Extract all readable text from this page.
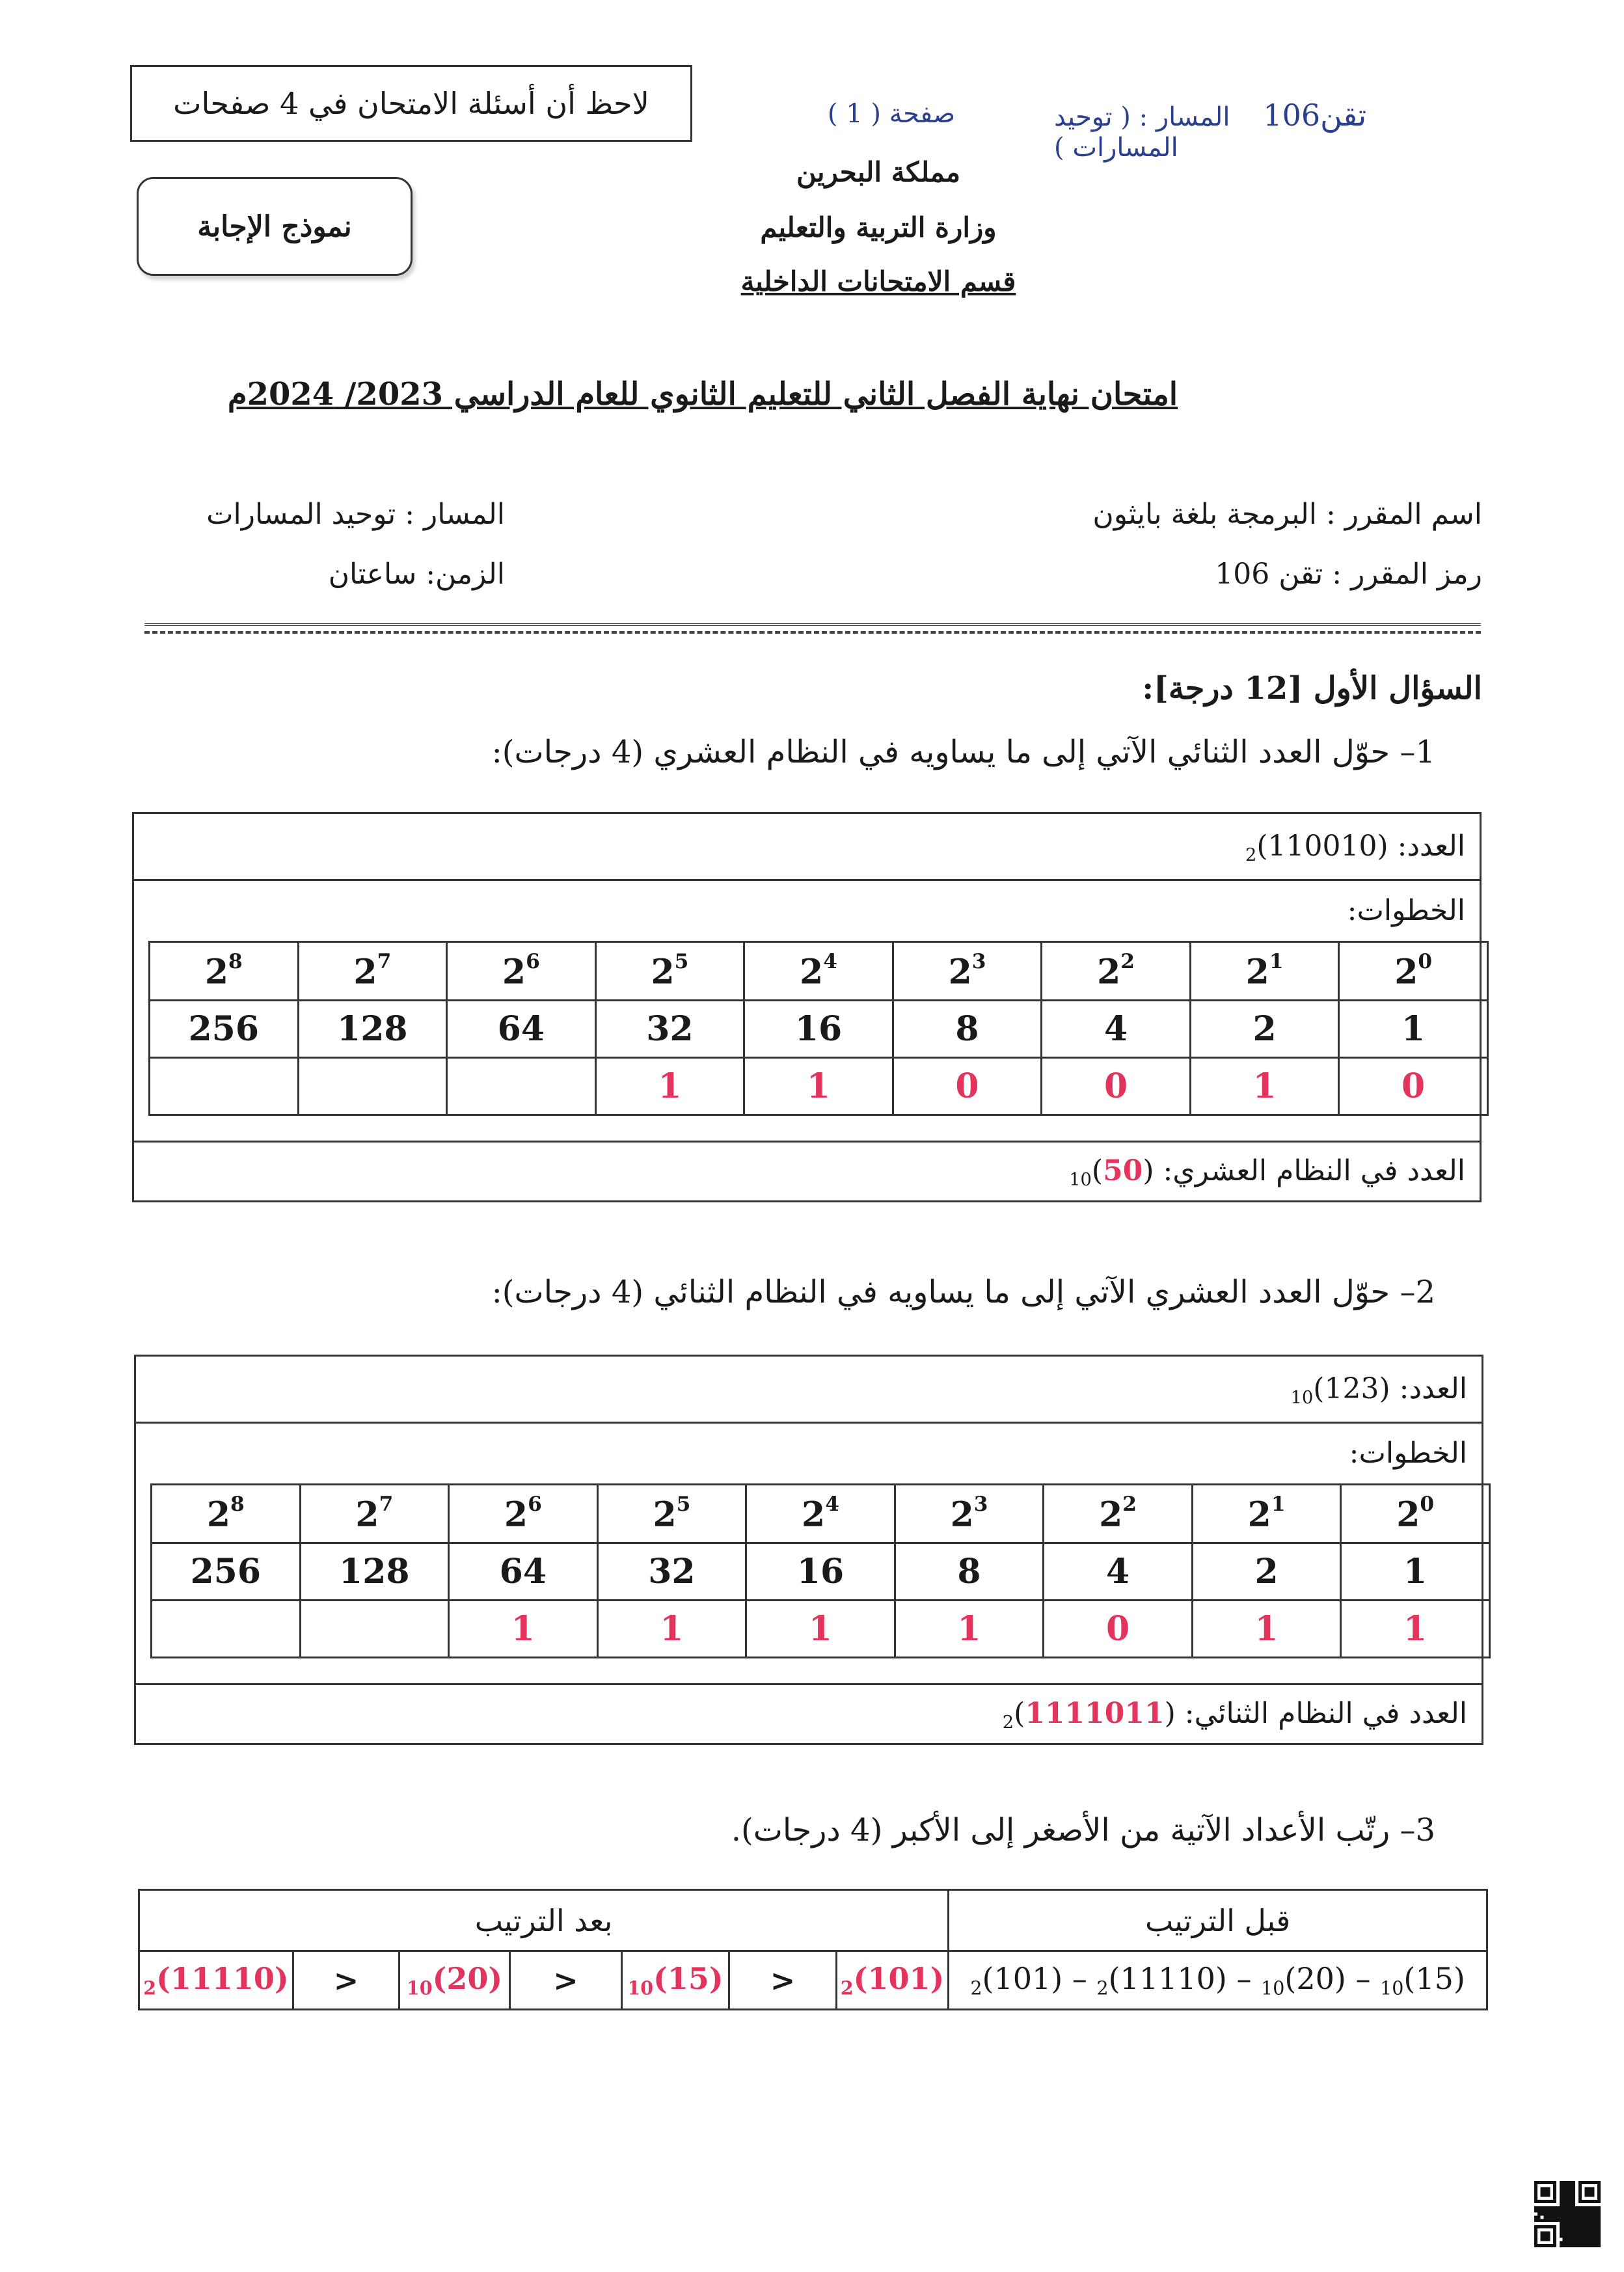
لاحظ أن أسئلة الامتحان في 4 صفحات	تقن106    المسار : ( توحيد المسارات )
صفحة ( 1 )
نموذج الإجابة
مملكة البحرين
وزارة التربية والتعليم
قسم الامتحانات الداخلية
امتحان نهاية الفصل الثاني للتعليم الثانوي للعام الدراسي 2023/ 2024م
اسم المقرر : البرمجة بلغة بايثون
رمز المقرر : تقن 106
المسار : توحيد المسارات
الزمن: ساعتان
السؤال الأول [12 درجة]:
1– حوّل العدد الثنائي الآتي إلى ما يساويه في النظام العشري (4 درجات):
العدد: $_2$(110010)
الخطوات:
$2^8$	$2^7$	$2^6$	$2^5$	$2^4$	$2^3$	$2^2$	$2^1$	$2^0$
256	128	64	32	16	8	4	2	1
			1	1	0	0	1	0
العدد في النظام العشري: $_{10}$(50)
2– حوّل العدد العشري الآتي إلى ما يساويه في النظام الثنائي (4 درجات):
العدد: $_{10}$(123)
الخطوات:
$2^8$	$2^7$	$2^6$	$2^5$	$2^4$	$2^3$	$2^2$	$2^1$	$2^0$
256	128	64	32	16	8	4	2	1
		1	1	1	1	0	1	1
العدد في النظام الثنائي: $_2$(1111011)
3– رتّب الأعداد الآتية من الأصغر إلى الأكبر (4 درجات).
بعد الترتيب							قبل الترتيب
$_2$(11110)	>	$_{10}$(20)	>	$_{10}$(15)	>	$_2$(101)	$_2$(101) – $_2$(11110) – $_{10}$(20) – $_{10}$(15)
